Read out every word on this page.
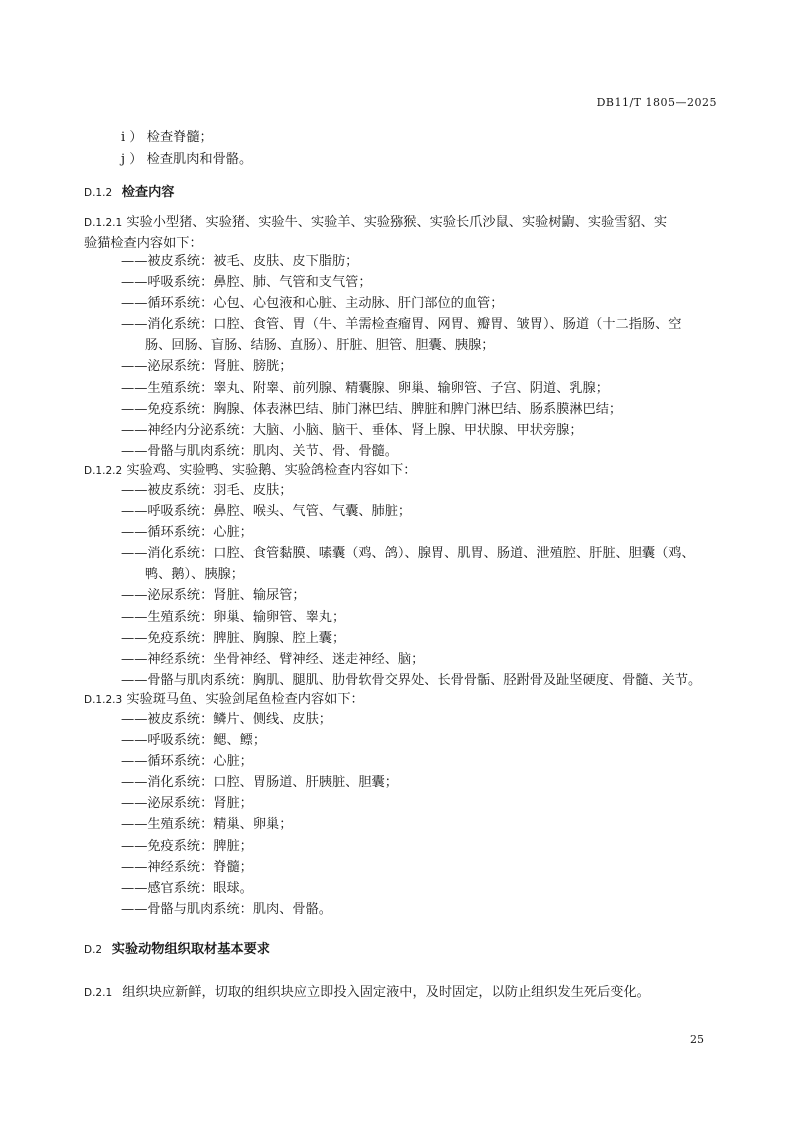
DB11/T 1805—2025
i ） 检查脊髓；
j ） 检查肌肉和骨骼。
D.1.2 检查内容
D.1.2.1 实验小型猪、实验猪、实验牛、实验羊、实验猕猴、实验长爪沙鼠、实验树鼩、实验雪貂、实
验猫检查内容如下：
——被皮系统：被毛、皮肤、皮下脂肪；
——呼吸系统：鼻腔、肺、气管和支气管；
——循环系统：心包、心包液和心脏、主动脉、肝门部位的血管；
——消化系统：口腔、食管、胃（牛、羊需检查瘤胃、网胃、瓣胃、皱胃）、肠道（十二指肠、空
肠、回肠、盲肠、结肠、直肠）、肝脏、胆管、胆囊、胰腺；
——泌尿系统：肾脏、膀胱；
——生殖系统：睾丸、附睾、前列腺、精囊腺、卵巢、输卵管、子宫、阴道、乳腺；
——免疫系统：胸腺、体表淋巴结、肺门淋巴结、脾脏和脾门淋巴结、肠系膜淋巴结；
——神经内分泌系统：大脑、小脑、脑干、垂体、肾上腺、甲状腺、甲状旁腺；
——骨骼与肌肉系统：肌肉、关节、骨、骨髓。
D.1.2.2 实验鸡、实验鸭、实验鹅、实验鸽检查内容如下：
——被皮系统：羽毛、皮肤；
——呼吸系统：鼻腔、喉头、气管、气囊、肺脏；
——循环系统：心脏；
——消化系统：口腔、食管黏膜、嗉囊（鸡、鸽）、腺胃、肌胃、肠道、泄殖腔、肝脏、胆囊（鸡、
鸭、鹅）、胰腺；
——泌尿系统：肾脏、输尿管；
——生殖系统：卵巢、输卵管、睾丸；
——免疫系统：脾脏、胸腺、腔上囊；
——神经系统：坐骨神经、臂神经、迷走神经、脑；
——骨骼与肌肉系统：胸肌、腿肌、肋骨软骨交界处、长骨骨骺、胫跗骨及趾坚硬度、骨髓、关节。
D.1.2.3 实验斑马鱼、实验剑尾鱼检查内容如下：
——被皮系统：鳞片、侧线、皮肤；
——呼吸系统：鳃、鳔；
——循环系统：心脏；
——消化系统：口腔、胃肠道、肝胰脏、胆囊；
——泌尿系统：肾脏；
——生殖系统：精巢、卵巢；
——免疫系统：脾脏；
——神经系统：脊髓；
——感官系统：眼球。
——骨骼与肌肉系统：肌肉、骨骼。
D.2 实验动物组织取材基本要求
D.2.1 组织块应新鲜，切取的组织块应立即投入固定液中，及时固定，以防止组织发生死后变化。
25
